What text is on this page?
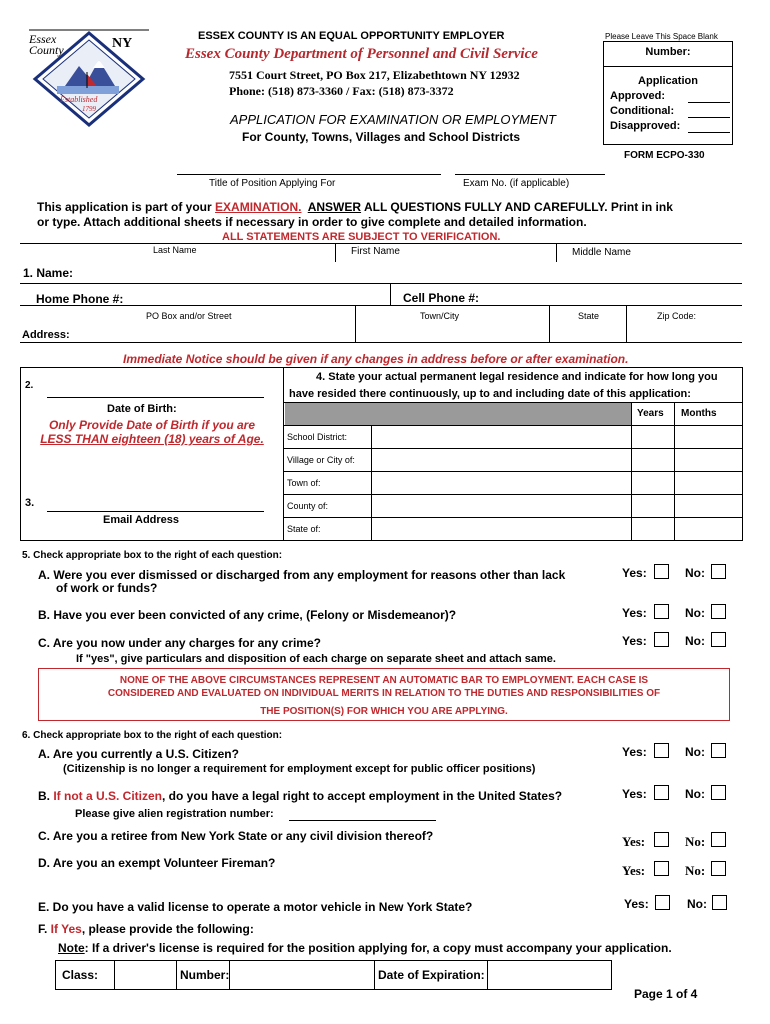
Essex
County	NY
Established
1799
ESSEX COUNTY IS AN EQUAL OPPORTUNITY EMPLOYER
Essex County Department of Personnel and Civil Service
7551 Court Street, PO Box 217, Elizabethtown NY 12932
Phone: (518) 873-3360 / Fax: (518) 873-3372
APPLICATION FOR EXAMINATION OR EMPLOYMENT
For County, Towns, Villages and School Districts
Please Leave This Space Blank
Number:
Application
Approved:
Conditional:
Disapproved:
FORM ECPO-330
Title of Position Applying For	Exam No. (if applicable)
This application is part of your EXAMINATION. ANSWER ALL QUESTIONS FULLY AND CAREFULLY. Print in ink
or type. Attach additional sheets if necessary in order to give complete and detailed information.
ALL STATEMENTS ARE SUBJECT TO VERIFICATION.
Last Name	First Name	Middle Name
1. Name:
Home Phone #:	Cell Phone #:
PO Box and/or Street	Town/City	State	Zip Code:
Address:
Immediate Notice should be given if any changes in address before or after examination.
2.
Date of Birth:
Only Provide Date of Birth if you are
LESS THAN eighteen (18) years of Age.
3.
Email Address
4. State your actual permanent legal residence and indicate for how long you
have resided there continuously, up to and including date of this application:
Years Months
School District:
Village or City of:
Town of:
County of:
State of:
5. Check appropriate box to the right of each question:
A. Were you ever dismissed or discharged from any employment for reasons other than lack
of work or funds?
Yes:	No:
B. Have you ever been convicted of any crime, (Felony or Misdemeanor)?	Yes:	No:
C. Are you now under any charges for any crime?	Yes:	No:
If "yes", give particulars and disposition of each charge on separate sheet and attach same.
NONE OF THE ABOVE CIRCUMSTANCES REPRESENT AN AUTOMATIC BAR TO EMPLOYMENT. EACH CASE IS
CONSIDERED AND EVALUATED ON INDIVIDUAL MERITS IN RELATION TO THE DUTIES AND RESPONSIBILITIES OF
THE POSITION(S) FOR WHICH YOU ARE APPLYING.
6. Check appropriate box to the right of each question:
A. Are you currently a U.S. Citizen?
(Citizenship is no longer a requirement for employment except for public officer positions)
Yes:	No:
B. If not a U.S. Citizen, do you have a legal right to accept employment in the United States?	Yes:	No:
Please give alien registration number:
C. Are you a retiree from New York State or any civil division thereof?	Yes:	No:
D. Are you an exempt Volunteer Fireman?	Yes:	No:
E. Do you have a valid license to operate a motor vehicle in New York State?	Yes:	No:
F. If Yes, please provide the following:
Note: If a driver's license is required for the position applying for, a copy must accompany your application.
Class:	Number:	Date of Expiration:
Page 1 of 4
